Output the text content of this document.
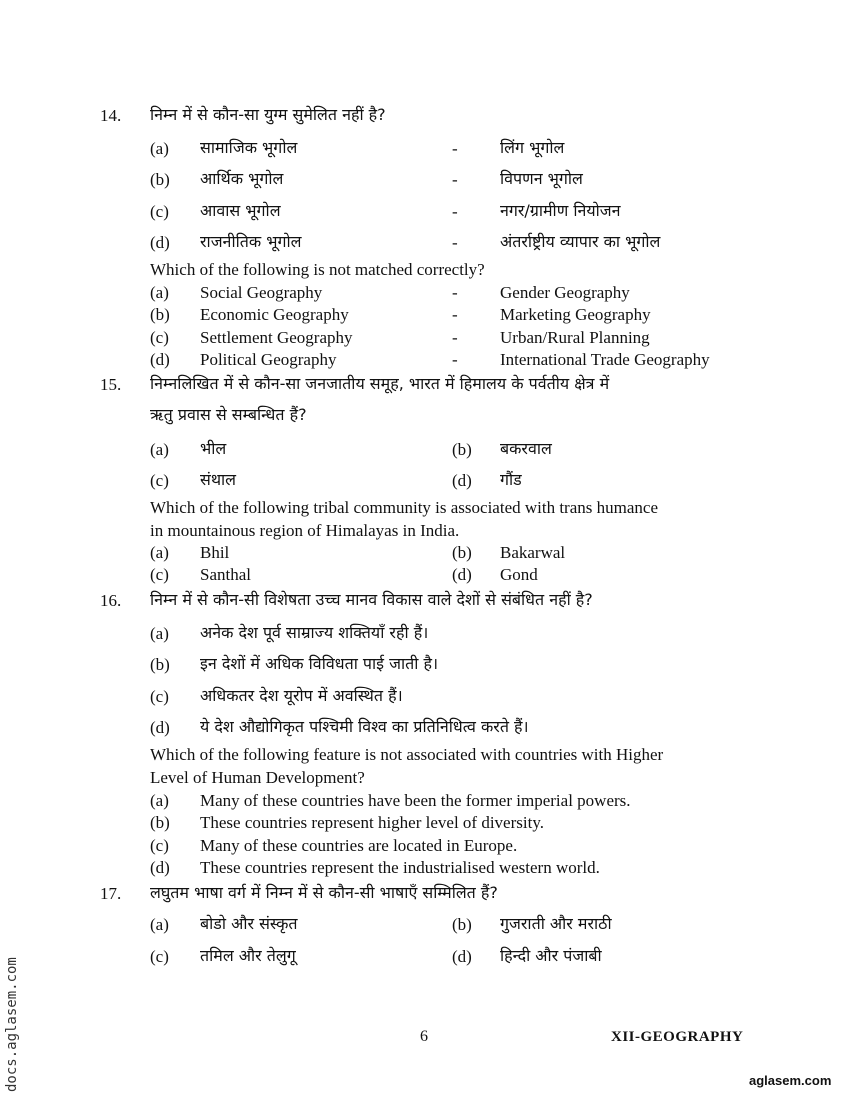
14. निम्न में से कौन-सा युग्म सुमेलित नहीं है?
(a) सामाजिक भूगोल	-	लिंग भूगोल
(b) आर्थिक भूगोल	-	विपणन भूगोल
(c) आवास भूगोल	-	नगर/ग्रामीण नियोजन
(d) राजनीतिक भूगोल	-	अंतर्राष्ट्रीय व्यापार का भूगोल
Which of the following is not matched correctly?
(a) Social Geography	- Gender Geography
(b) Economic Geography	- Marketing Geography
(c) Settlement Geography	- Urban/Rural Planning
(d) Political Geography	- International Trade Geography
15. निम्नलिखित में से कौन-सा जनजातीय समूह, भारत में हिमालय के पर्वतीय क्षेत्र में
ऋतु प्रवास से सम्बन्धित हैं?
(a) भील	(b) बकरवाल
(c) संथाल	(d) गौंड
Which of the following tribal community is associated with trans humance
in mountainous region of Himalayas in India.
(a) Bhil	(b) Bakarwal
(c) Santhal	(d) Gond
16. निम्न में से कौन-सी विशेषता उच्च मानव विकास वाले देशों से संबंधित नहीं है?
(a) अनेक देश पूर्व साम्राज्य शक्तियाँ रही हैं।
(b) इन देशों में अधिक विविधता पाई जाती है।
(c) अधिकतर देश यूरोप में अवस्थित हैं।
(d) ये देश औद्योगिकृत पश्चिमी विश्व का प्रतिनिधित्व करते हैं।
Which of the following feature is not associated with countries with Higher
Level of Human Development?
(a) Many of these countries have been the former imperial powers.
(b) These countries represent higher level of diversity.
(c) Many of these countries are located in Europe.
(d) These countries represent the industrialised western world.
17. लघुतम भाषा वर्ग में निम्न में से कौन-सी भाषाएँ सम्मिलित हैं?
(a) बोडो और संस्कृत	(b) गुजराती और मराठी
(c) तमिल और तेलुगू	(d) हिन्दी और पंजाबी
6	XII-GEOGRAPHY
docs.aglasem.com	aglasem.com
